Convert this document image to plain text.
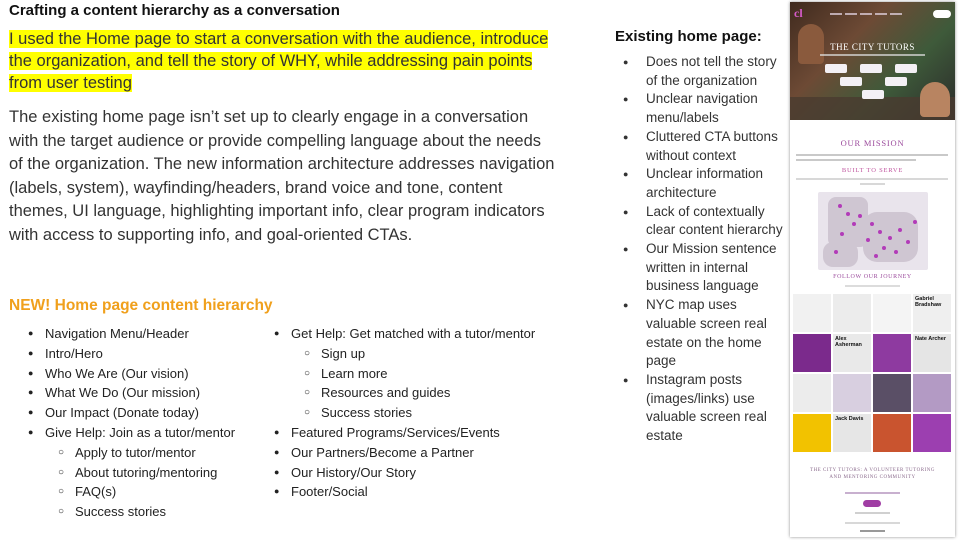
Crafting a content hierarchy as a conversation
I used the Home page to start a conversation with the audience, introduce the organization, and tell the story of WHY, while addressing pain points from user testing
The existing home page isn’t set up to clearly engage in a conversation with the target audience or provide compelling language about the needs of the organization. The new information architecture addresses navigation (labels, system), wayfinding/headers, brand voice and tone, content themes, UI language, highlighting important info, clear program indicators with access to supporting info, and goal-oriented CTAs.
NEW! Home page content hierarchy
● Navigation Menu/Header
● Intro/Hero
● Who We Are (Our vision)
● What We Do (Our mission)
● Our Impact (Donate today)
● Give Help: Join as a tutor/mentor
○ Apply to tutor/mentor
○ About tutoring/mentoring
○ FAQ(s)
○ Success stories
● Get Help: Get matched with a tutor/mentor
○ Sign up
○ Learn more
○ Resources and guides
○ Success stories
● Featured Programs/Services/Events
● Our Partners/Become a Partner
● Our History/Our Story
● Footer/Social
Existing home page:
● Does not tell the story of the organization
● Unclear navigation menu/labels
● Cluttered CTA buttons without context
● Unclear information architecture
● Lack of contextually clear content hierarchy
● Our Mission sentence written in internal business language
● NYC map uses valuable screen real estate on the home page
● Instagram posts (images/links) use valuable screen real estate
cl
THE CITY TUTORS
OUR MISSION
BUILT TO SERVE
FOLLOW OUR JOURNEY
Gabriel Bradshaw
Alex Asherman
Nate Archer
Jack Davis
THE CITY TUTORS: A VOLUNTEER TUTORING AND MENTORING COMMUNITY
